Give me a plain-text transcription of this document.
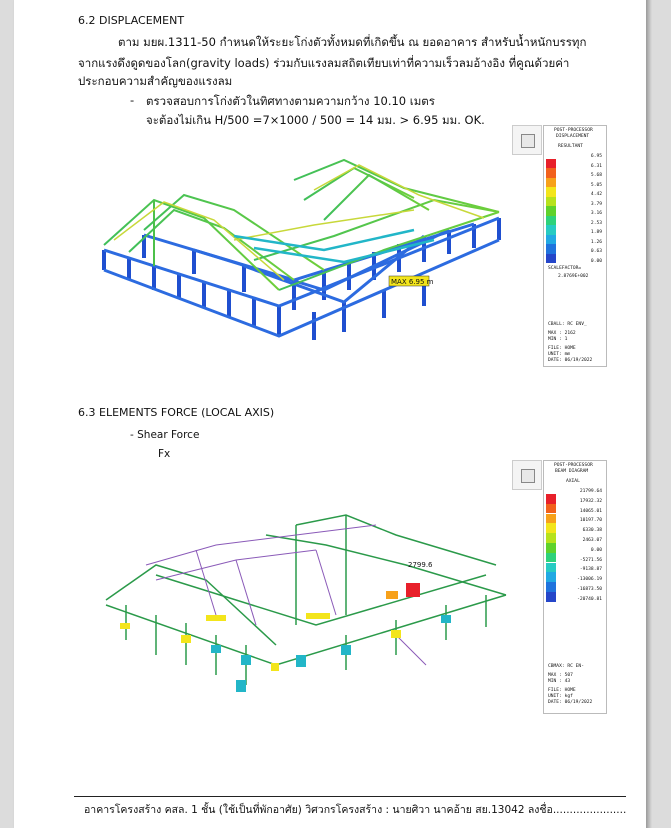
6.2 DISPLACEMENT
ตาม มยผ.1311-50 กำหนดให้ระยะโก่งตัวทั้งหมดที่เกิดขึ้น ณ ยอดอาคาร สำหรับน้ำหนักบรรทุก
จากแรงดึงดูดของโลก(gravity loads) ร่วมกับแรงลมสถิตเทียบเท่าที่ความเร็วลมอ้างอิง ที่คูณด้วยค่า
ประกอบความสำคัญของแรงลม
- ตรวจสอบการโก่งตัวในทิศทางตามความกว้าง 10.10 เมตร
จะต้องไม่เกิน H/500 =7×1000 / 500 = 14 มม. > 6.95 มม. OK.
MAX 6.95 m
POST-PROCESSOR
DISPLACEMENT
RESULTANT
6.95
6.31
5.68
5.05
4.42
3.79
3.16
2.53
1.89
1.26
0.63
0.00
SCALEFACTOR=
2.8769E+002
CBALL: RC ENV_
MAX : 2162
MIN : 1
FILE: HOME
UNIT: mm
DATE: 06/19/2022
6.3 ELEMENTS FORCE (LOCAL AXIS)
- Shear Force
Fx
2799.6
POST-PROCESSOR
BEAM DIAGRAM
AXIAL
21799.64
17932.32
14065.01
10197.70
6330.38
2463.07
0.00
-5271.56
-9138.87
-13006.19
-16873.50
-20740.81
CBMAX: RC EN-
MAX : 507
MIN : 43
FILE: HOME
UNIT: kgf
DATE: 06/19/2022
อาคารโครงสร้าง คสล. 1 ชั้น (ใช้เป็นที่พักอาศัย) วิศวกรโครงสร้าง : นายศิวา นาคอ้าย สย.13042 ลงชื่อ......................
